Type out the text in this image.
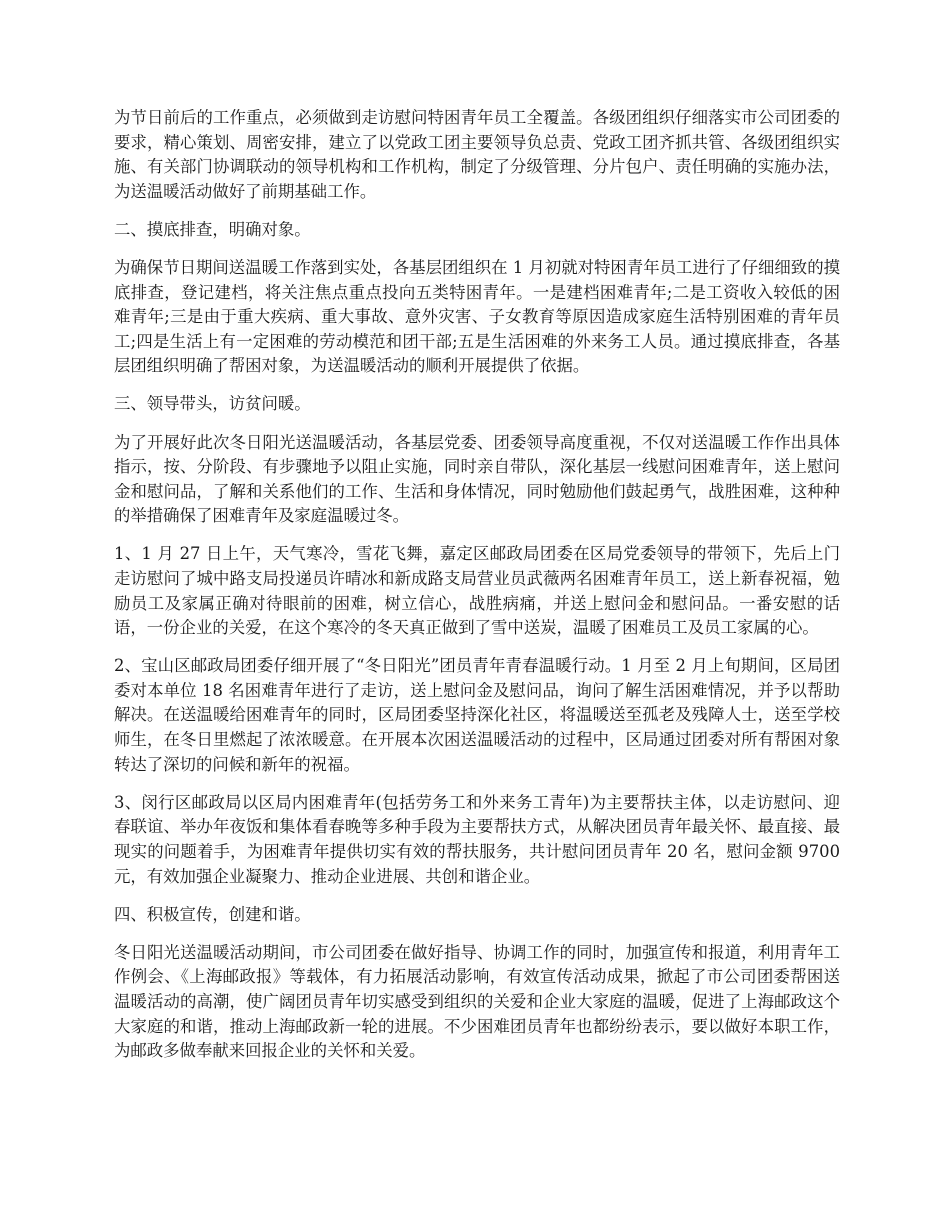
为节日前后的工作重点，必须做到走访慰问特困青年员工全覆盖。各级团组织仔细落实市公司团委的要求，精心策划、周密安排，建立了以党政工团主要领导负总责、党政工团齐抓共管、各级团组织实施、有关部门协调联动的领导机构和工作机构，制定了分级管理、分片包户、责任明确的实施办法，为送温暖活动做好了前期基础工作。

二、摸底排查，明确对象。

为确保节日期间送温暖工作落到实处，各基层团组织在 1 月初就对特困青年员工进行了仔细细致的摸底排查，登记建档，将关注焦点重点投向五类特困青年。一是建档困难青年;二是工资收入较低的困难青年;三是由于重大疾病、重大事故、意外灾害、子女教育等原因造成家庭生活特别困难的青年员工;四是生活上有一定困难的劳动模范和团干部;五是生活困难的外来务工人员。通过摸底排查，各基层团组织明确了帮困对象，为送温暖活动的顺利开展提供了依据。

三、领导带头，访贫问暖。

为了开展好此次冬日阳光送温暖活动，各基层党委、团委领导高度重视，不仅对送温暖工作作出具体指示，按、分阶段、有步骤地予以阻止实施，同时亲自带队，深化基层一线慰问困难青年，送上慰问金和慰问品，了解和关系他们的工作、生活和身体情况，同时勉励他们鼓起勇气，战胜困难，这种种的举措确保了困难青年及家庭温暖过冬。

1、1 月 27 日上午，天气寒冷，雪花飞舞，嘉定区邮政局团委在区局党委领导的带领下，先后上门走访慰问了城中路支局投递员许晴冰和新成路支局营业员武薇两名困难青年员工，送上新春祝福，勉励员工及家属正确对待眼前的困难，树立信心，战胜病痛，并送上慰问金和慰问品。一番安慰的话语，一份企业的关爱，在这个寒冷的冬天真正做到了雪中送炭，温暖了困难员工及员工家属的心。

2、宝山区邮政局团委仔细开展了“冬日阳光”团员青年青春温暖行动。1 月至 2 月上旬期间，区局团委对本单位 18 名困难青年进行了走访，送上慰问金及慰问品，询问了解生活困难情况，并予以帮助解决。在送温暖给困难青年的同时，区局团委坚持深化社区，将温暖送至孤老及残障人士，送至学校师生，在冬日里燃起了浓浓暖意。在开展本次困送温暖活动的过程中，区局通过团委对所有帮困对象转达了深切的问候和新年的祝福。

3、闵行区邮政局以区局内困难青年(包括劳务工和外来务工青年)为主要帮扶主体，以走访慰问、迎春联谊、举办年夜饭和集体看春晚等多种手段为主要帮扶方式，从解决团员青年最关怀、最直接、最现实的问题着手，为困难青年提供切实有效的帮扶服务，共计慰问团员青年 20 名，慰问金额 9700 元，有效加强企业凝聚力、推动企业进展、共创和谐企业。

四、积极宣传，创建和谐。

冬日阳光送温暖活动期间，市公司团委在做好指导、协调工作的同时，加强宣传和报道，利用青年工作例会、《上海邮政报》等载体，有力拓展活动影响，有效宣传活动成果，掀起了市公司团委帮困送温暖活动的高潮，使广阔团员青年切实感受到组织的关爱和企业大家庭的温暖，促进了上海邮政这个大家庭的和谐，推动上海邮政新一轮的进展。不少困难团员青年也都纷纷表示，要以做好本职工作，为邮政多做奉献来回报企业的关怀和关爱。
